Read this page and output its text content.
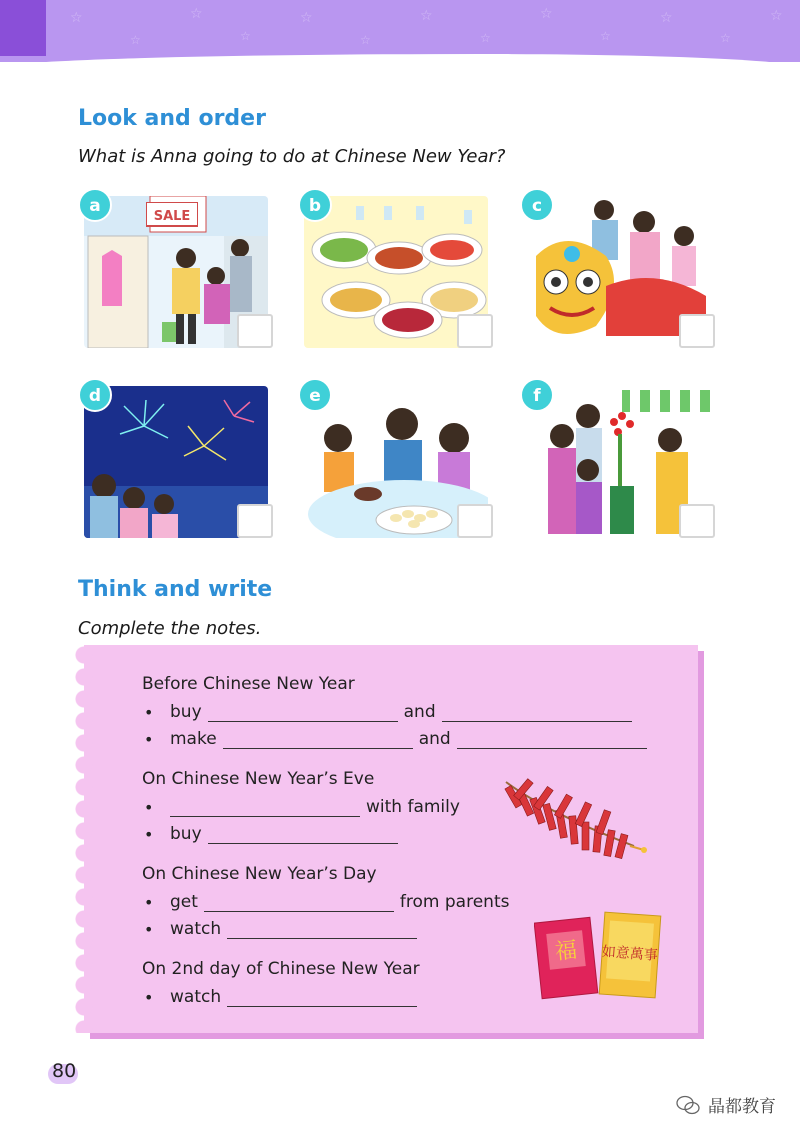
☆
☆
☆
☆
☆
☆
☆
☆
☆
☆
☆
☆
☆
Look and order
What is Anna going to do at Chinese New Year?
a
SALE
b	c
d	e	f
Think and write
Complete the notes.
福 如意萬事
Before Chinese New Year
• buy	and
• make	and
On Chinese New Year’s Eve
•	with family
• buy
On Chinese New Year’s Day
• get	from parents
• watch
On 2nd day of Chinese New Year
• watch
80
晶都教育
